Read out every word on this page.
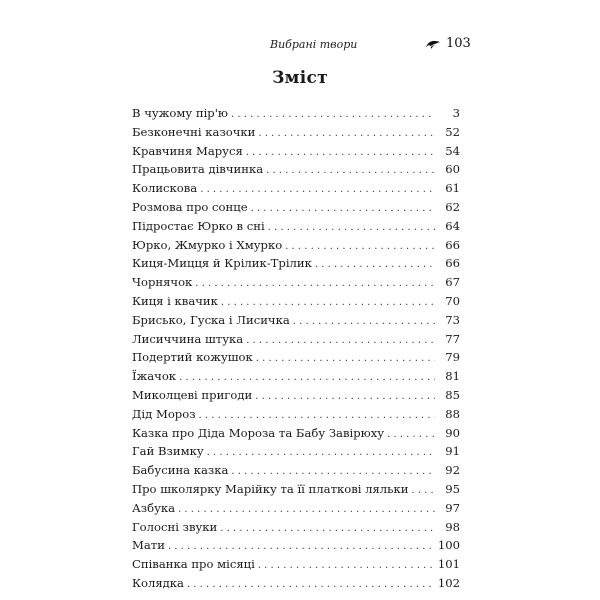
Вибрані твори	103
Зміст
В чужому пір'ю . . .	3
Безконечні казочки . . .	52
Кравчиня Маруся . . .	54
Працьовита дівчинка . . .	60
Колискова . . .	61
Розмова про сонце . . .	62
Підростає Юрко в сні . . .	64
Юрко, Жмурко і Хмурко . . .	66
Киця-Мицця й Крілик-Трілик . . .	66
Чорнячок . . .	67
Киця і квачик . . .	70
Брисько, Гуска і Лисичка . . .	73
Лисиччина штука . . .	77
Подертий кожушок . . .	79
Їжачок . . .	81
Миколцеві пригоди . . .	85
Дід Мороз . . .	88
Казка про Діда Мороза та Бабу Завірюху . . .	90
Гай Взимку . . .	91
Бабусина казка . . .	92
Про школярку Марійку та її платкові ляльки . . .	95
Азбука . . .	97
Голосні звуки . . .	98
Мати . . .	100
Співанка про місяці . . .	101
Колядка . . .	102
